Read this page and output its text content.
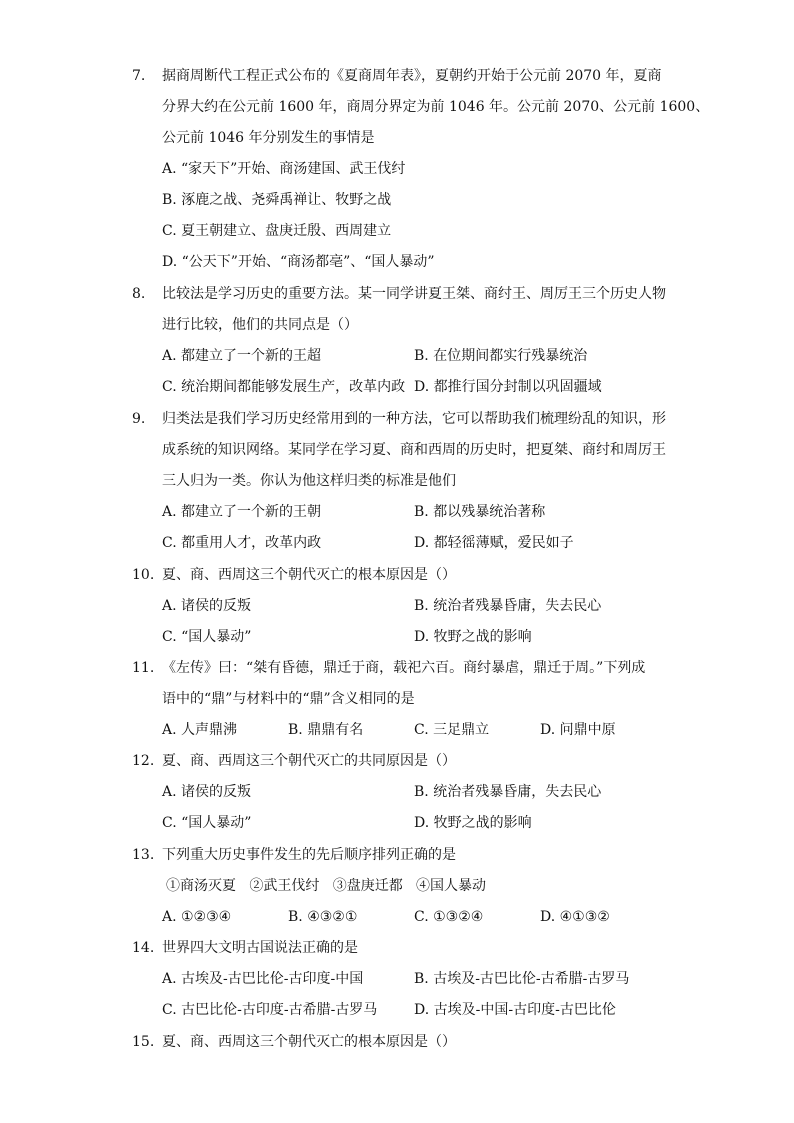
7.	据商周断代工程正式公布的《夏商周年表》，夏朝约开始于公元前 2070 年，夏商
分界大约在公元前 1600 年，商周分界定为前 1046 年。公元前 2070、公元前 1600、
公元前 1046 年分别发生的事情是
A. “家天下”开始、商汤建国、武王伐纣
B. 涿鹿之战、尧舜禹禅让、牧野之战
C. 夏王朝建立、盘庚迁殷、西周建立
D. “公天下”开始、“商汤都亳”、“国人暴动”
8.	比较法是学习历史的重要方法。某一同学讲夏王桀、商纣王、周厉王三个历史人物
进行比较，他们的共同点是（）
A. 都建立了一个新的王超	B. 在位期间都实行残暴统治
C. 统治期间都能够发展生产，改革内政 D. 都推行国分封制以巩固疆域
9.	归类法是我们学习历史经常用到的一种方法，它可以帮助我们梳理纷乱的知识，形
成系统的知识网络。某同学在学习夏、商和西周的历史时，把夏桀、商纣和周厉王
三人归为一类。你认为他这样归类的标准是他们
A. 都建立了一个新的王朝	B. 都以残暴统治著称
C. 都重用人才，改革内政	D. 都轻徭薄赋，爱民如子
10. 夏、商、西周这三个朝代灭亡的根本原因是（）
A. 诸侯的反叛	B. 统治者残暴昏庸，失去民心
C. “国人暴动”	D. 牧野之战的影响
11. 《左传》曰：“桀有昏德，鼎迁于商，载祀六百。商纣暴虐，鼎迁于周。”下列成
语中的“鼎”与材料中的“鼎”含义相同的是
A. 人声鼎沸	B. 鼎鼎有名	C. 三足鼎立	D. 问鼎中原
12. 夏、商、西周这三个朝代灭亡的共同原因是（）
A. 诸侯的反叛	B. 统治者残暴昏庸，失去民心
C. “国人暴动”	D. 牧野之战的影响
13. 下列重大历史事件发生的先后顺序排列正确的是
①商汤灭夏   ②武王伐纣   ③盘庚迁都   ④国人暴动
A. ①②③④	B. ④③②①	C. ①③②④	D. ④①③②
14. 世界四大文明古国说法正确的是
A. 古埃及-古巴比伦-古印度-中国	B. 古埃及-古巴比伦-古希腊-古罗马
C. 古巴比伦-古印度-古希腊-古罗马	D. 古埃及-中国-古印度-古巴比伦
15. 夏、商、西周这三个朝代灭亡的根本原因是（）
